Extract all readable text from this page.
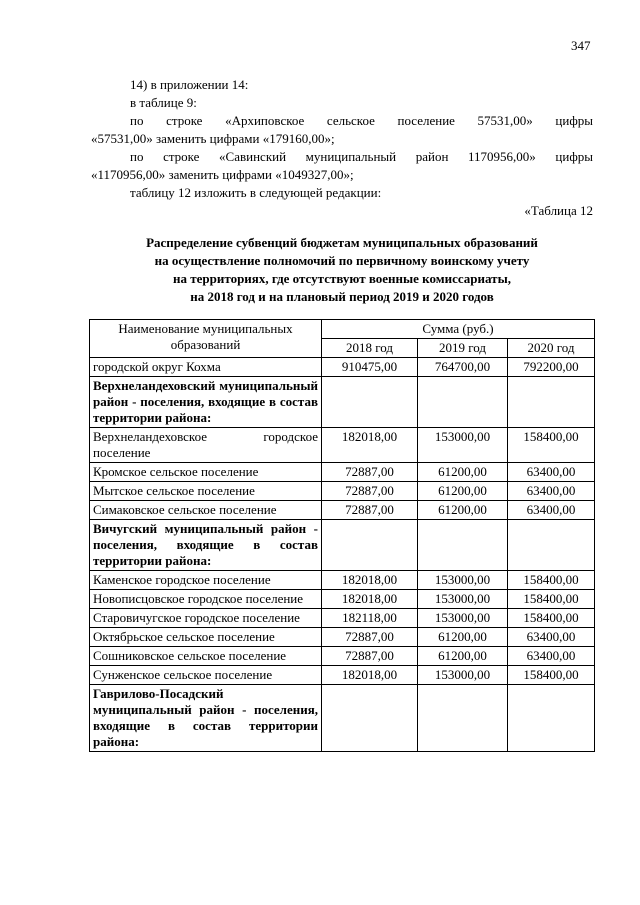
347
14) в приложении 14:
в таблице 9:
по строке «Архиповское сельское поселение 57531,00» цифры
«57531,00» заменить цифрами «179160,00»;
по строке «Савинский муниципальный район 1170956,00» цифры
«1170956,00» заменить цифрами «1049327,00»;
таблицу 12 изложить в следующей редакции:
«Таблица 12
Распределение субвенций бюджетам муниципальных образований
на осуществление полномочий по первичному воинскому учету
на территориях, где отсутствуют военные комиссариаты,
на 2018 год и на плановый период 2019 и 2020 годов
Наименование муниципальных образований	Сумма (руб.)		
	2018 год	2019 год	2020 год
городской округ Кохма	910475,00	764700,00	792200,00
Верхнеландеховский муниципальный район - поселения, входящие в состав территории района:			
Верхнеландеховское городское поселение	182018,00	153000,00	158400,00
Кромское сельское поселение	72887,00	61200,00	63400,00
Мытское сельское поселение	72887,00	61200,00	63400,00
Симаковское сельское поселение	72887,00	61200,00	63400,00
Вичугский муниципальный район - поселения, входящие в состав территории района:			
Каменское городское поселение	182018,00	153000,00	158400,00
Новописцовское городское поселение	182018,00	153000,00	158400,00
Старовичугское городское поселение	182118,00	153000,00	158400,00
Октябрьское сельское поселение	72887,00	61200,00	63400,00
Сошниковское сельское поселение	72887,00	61200,00	63400,00
Сунженское сельское поселение	182018,00	153000,00	158400,00
Гаврилово-Посадский муниципальный район - поселения, входящие в состав территории района:			
